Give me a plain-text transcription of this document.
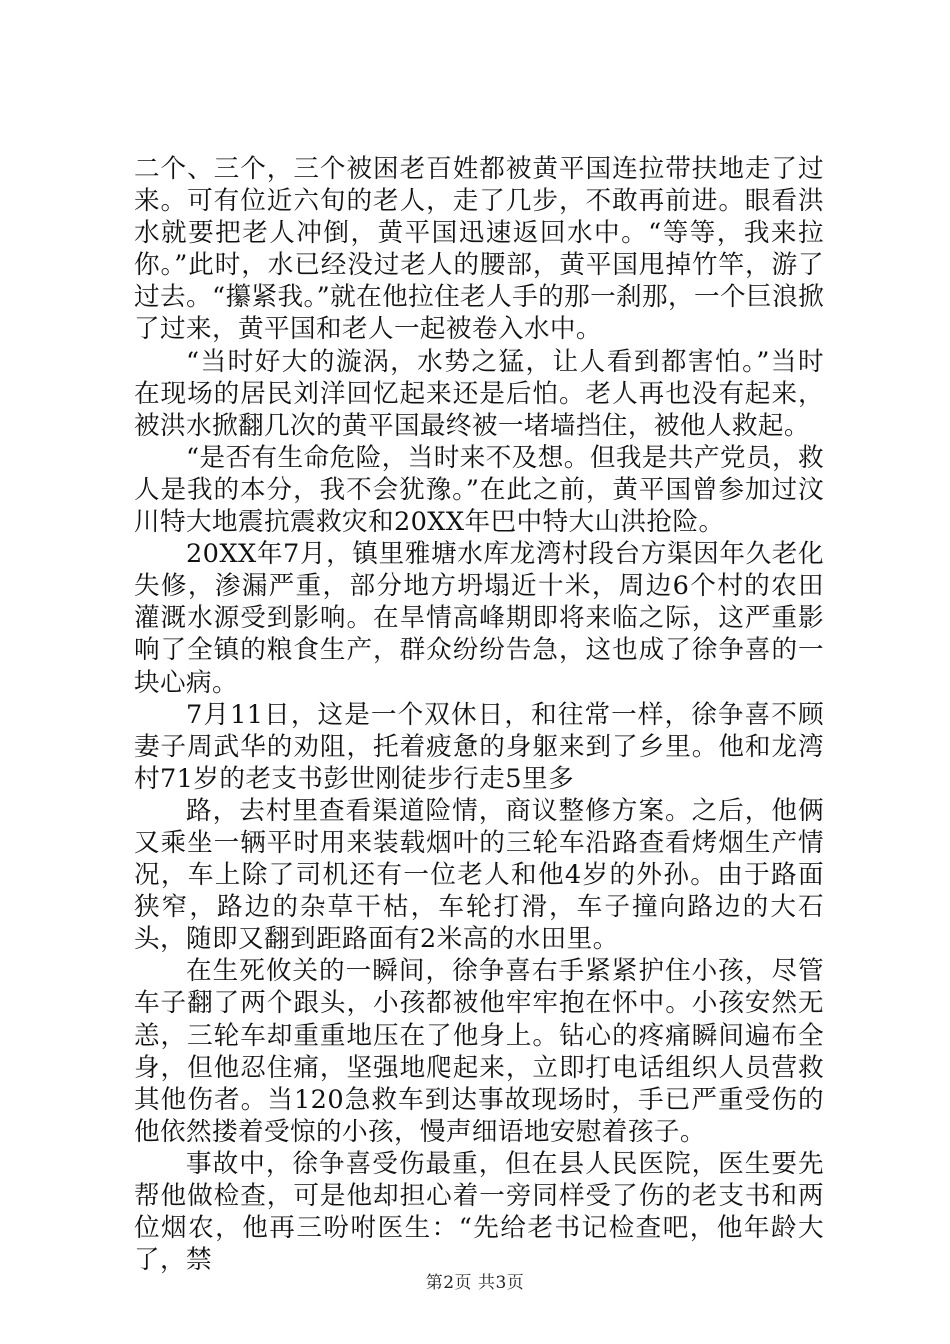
二个、三个，三个被困老百姓都被黄平国连拉带扶地走了过来。可有位近六旬的老人，走了几步，不敢再前进。眼看洪水就要把老人冲倒，黄平国迅速返回水中。“等等，我来拉你。”此时，水已经没过老人的腰部，黄平国甩掉竹竿，游了过去。“攥紧我。”就在他拉住老人手的那一刹那，一个巨浪掀了过来，黄平国和老人一起被卷入水中。

“当时好大的漩涡，水势之猛，让人看到都害怕。”当时在现场的居民刘洋回忆起来还是后怕。老人再也没有起来，被洪水掀翻几次的黄平国最终被一堵墙挡住，被他人救起。

“是否有生命危险，当时来不及想。但我是共产党员，救人是我的本分，我不会犹豫。”在此之前，黄平国曾参加过汶川特大地震抗震救灾和20XX年巴中特大山洪抢险。

20XX年7月，镇里雅塘水库龙湾村段台方渠因年久老化失修，渗漏严重，部分地方坍塌近十米，周边6个村的农田灌溉水源受到影响。在旱情高峰期即将来临之际，这严重影响了全镇的粮食生产，群众纷纷告急，这也成了徐争喜的一块心病。

7月11日，这是一个双休日，和往常一样，徐争喜不顾妻子周武华的劝阻，托着疲惫的身躯来到了乡里。他和龙湾村71岁的老支书彭世刚徒步行走5里多

路，去村里查看渠道险情，商议整修方案。之后，他俩又乘坐一辆平时用来装载烟叶的三轮车沿路查看烤烟生产情况，车上除了司机还有一位老人和他4岁的外孙。由于路面狭窄，路边的杂草干枯，车轮打滑，车子撞向路边的大石头，随即又翻到距路面有2米高的水田里。

在生死攸关的一瞬间，徐争喜右手紧紧护住小孩，尽管车子翻了两个跟头，小孩都被他牢牢抱在怀中。小孩安然无恙，三轮车却重重地压在了他身上。钻心的疼痛瞬间遍布全身，但他忍住痛，坚强地爬起来，立即打电话组织人员营救其他伤者。当120急救车到达事故现场时，手已严重受伤的他依然搂着受惊的小孩，慢声细语地安慰着孩子。

事故中，徐争喜受伤最重，但在县人民医院，医生要先帮他做检查，可是他却担心着一旁同样受了伤的老支书和两位烟农，他再三吩咐医生：“先给老书记检查吧，他年龄大了，禁

第2页 共3页
